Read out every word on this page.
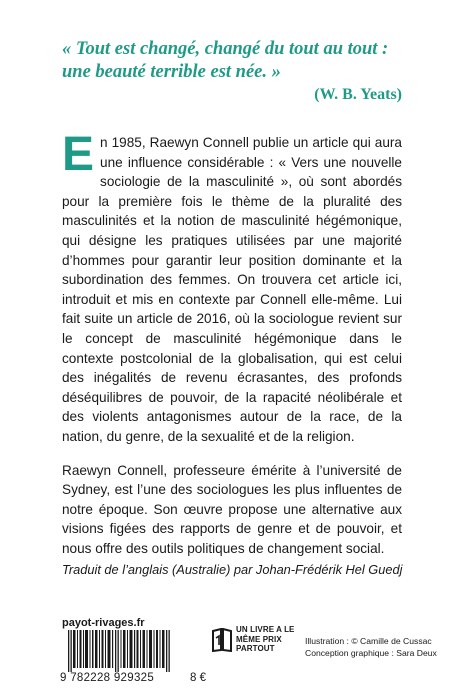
« Tout est changé, changé du tout au tout : une beauté terrible est née. »
(W. B. Yeats)

E n 1985, Raewyn Connell publie un article qui aura une influence considérable : « Vers une nouvelle sociologie de la masculinité », où sont abordés pour la première fois le thème de la pluralité des masculinités et la notion de masculinité hégémonique, qui désigne les pratiques utilisées par une majorité d’hommes pour garantir leur position dominante et la subordination des femmes. On trouvera cet article ici, introduit et mis en contexte par Connell elle-même. Lui fait suite un article de 2016, où la sociologue revient sur le concept de masculinité hégémonique dans le contexte postcolonial de la globalisation, qui est celui des inégalités de revenu écrasantes, des profonds déséquilibres de pouvoir, de la rapacité néolibérale et des violents antagonismes autour de la race, de la nation, du genre, de la sexualité et de la religion.

Raewyn Connell, professeure émérite à l’université de Sydney, est l’une des sociologues les plus influentes de notre époque. Son œuvre propose une alternative aux visions figées des rapports de genre et de pouvoir, et nous offre des outils politiques de changement social.

Traduit de l’anglais (Australie) par Johan-Frédérik Hel Guedj
payot-rivages.fr
9 782228 929325	8 €
UN LIVRE A LE MÊME PRIX PARTOUT
Illustration : © Camille de Cussac
Conception graphique : Sara Deux
